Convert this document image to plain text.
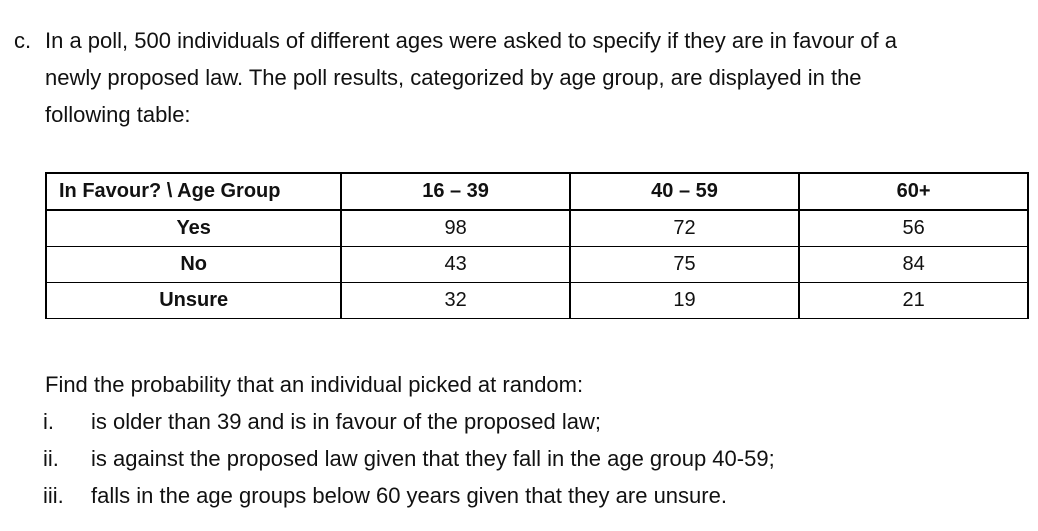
c. In a poll, 500 individuals of different ages were asked to specify if they are in favour of a
newly proposed law. The poll results, categorized by age group, are displayed in the
following table:
In Favour? \ Age Group	16 – 39	40 – 59	60+
Yes	98	72	56
No	43	75	84
Unsure	32	19	21
Find the probability that an individual picked at random:
i.	is older than 39 and is in favour of the proposed law;
ii.	is against the proposed law given that they fall in the age group 40-59;
iii.	falls in the age groups below 60 years given that they are unsure.
